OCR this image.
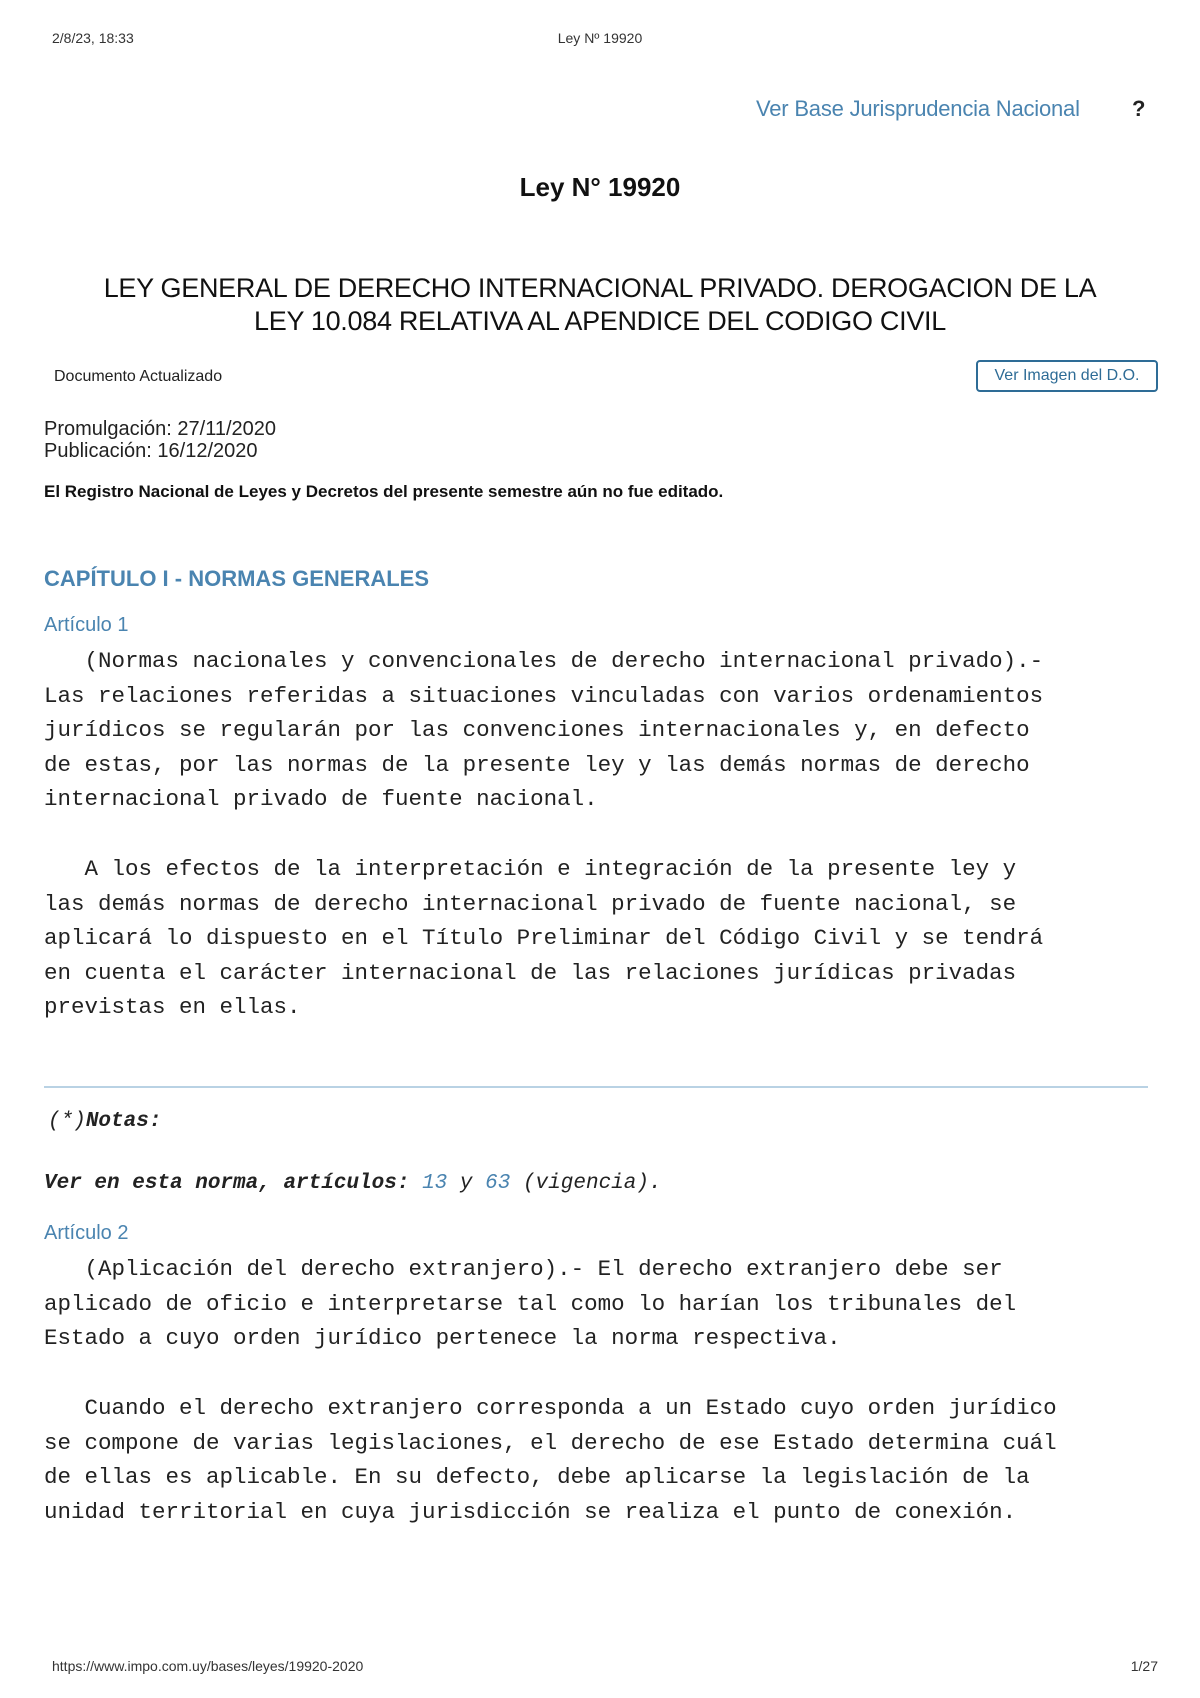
2/8/23, 18:33	Ley Nº 19920
Ver Base Jurisprudencia Nacional ?
Ley N° 19920
LEY GENERAL DE DERECHO INTERNACIONAL PRIVADO. DEROGACION DE LA
LEY 10.084 RELATIVA AL APENDICE DEL CODIGO CIVIL
Documento Actualizado	Ver Imagen del D.O.
Promulgación: 27/11/2020
Publicación: 16/12/2020
El Registro Nacional de Leyes y Decretos del presente semestre aún no fue editado.
CAPÍTULO I - NORMAS GENERALES
Artículo 1
(Normas nacionales y convencionales de derecho internacional privado).-
Las relaciones referidas a situaciones vinculadas con varios ordenamientos
jurídicos se regularán por las convenciones internacionales y, en defecto
de estas, por las normas de la presente ley y las demás normas de derecho
internacional privado de fuente nacional.
A los efectos de la interpretación e integración de la presente ley y
las demás normas de derecho internacional privado de fuente nacional, se
aplicará lo dispuesto en el Título Preliminar del Código Civil y se tendrá
en cuenta el carácter internacional de las relaciones jurídicas privadas
previstas en ellas.
(*)Notas:
Ver en esta norma, artículos: 13 y 63 (vigencia).
Artículo 2
(Aplicación del derecho extranjero).- El derecho extranjero debe ser
aplicado de oficio e interpretarse tal como lo harían los tribunales del
Estado a cuyo orden jurídico pertenece la norma respectiva.
Cuando el derecho extranjero corresponda a un Estado cuyo orden jurídico
se compone de varias legislaciones, el derecho de ese Estado determina cuál
de ellas es aplicable. En su defecto, debe aplicarse la legislación de la
unidad territorial en cuya jurisdicción se realiza el punto de conexión.
https://www.impo.com.uy/bases/leyes/19920-2020	1/27
